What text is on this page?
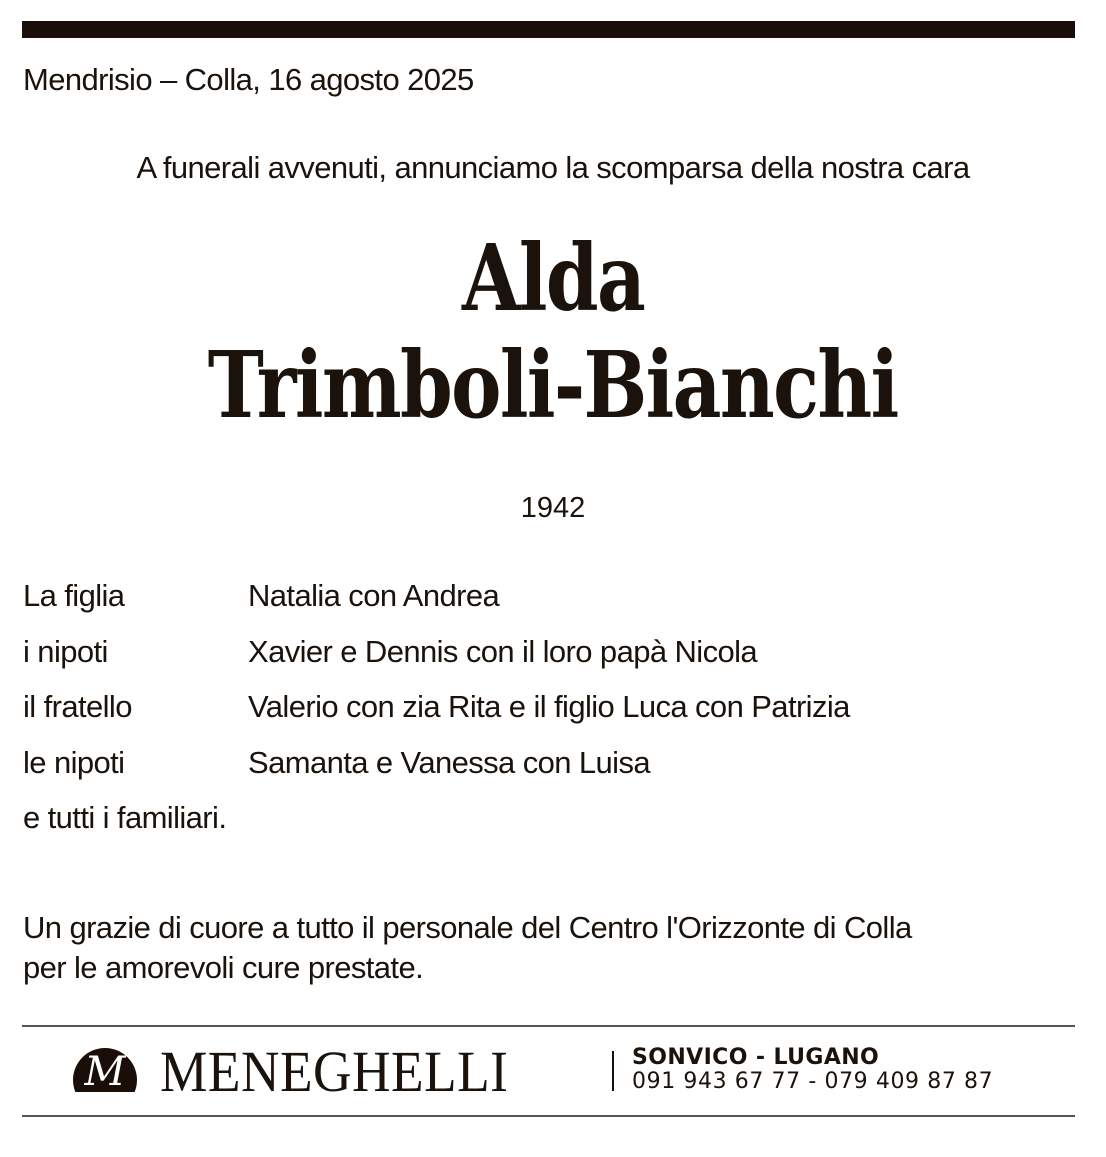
Mendrisio – Colla, 16 agosto 2025
A funerali avvenuti, annunciamo la scomparsa della nostra cara
Alda
Trimboli-Bianchi
1942
La figlia	Natalia con Andrea
i nipoti	Xavier e Dennis con il loro papà Nicola
il fratello	Valerio con zia Rita e il figlio Luca con Patrizia
le nipoti	Samanta e Vanessa con Luisa
e tutti i familiari.
Un grazie di cuore a tutto il personale del Centro l'Orizzonte di Colla
per le amorevoli cure prestate.
M MENEGHELLI	SONVICO - LUGANO
091 943 67 77 - 079 409 87 87
